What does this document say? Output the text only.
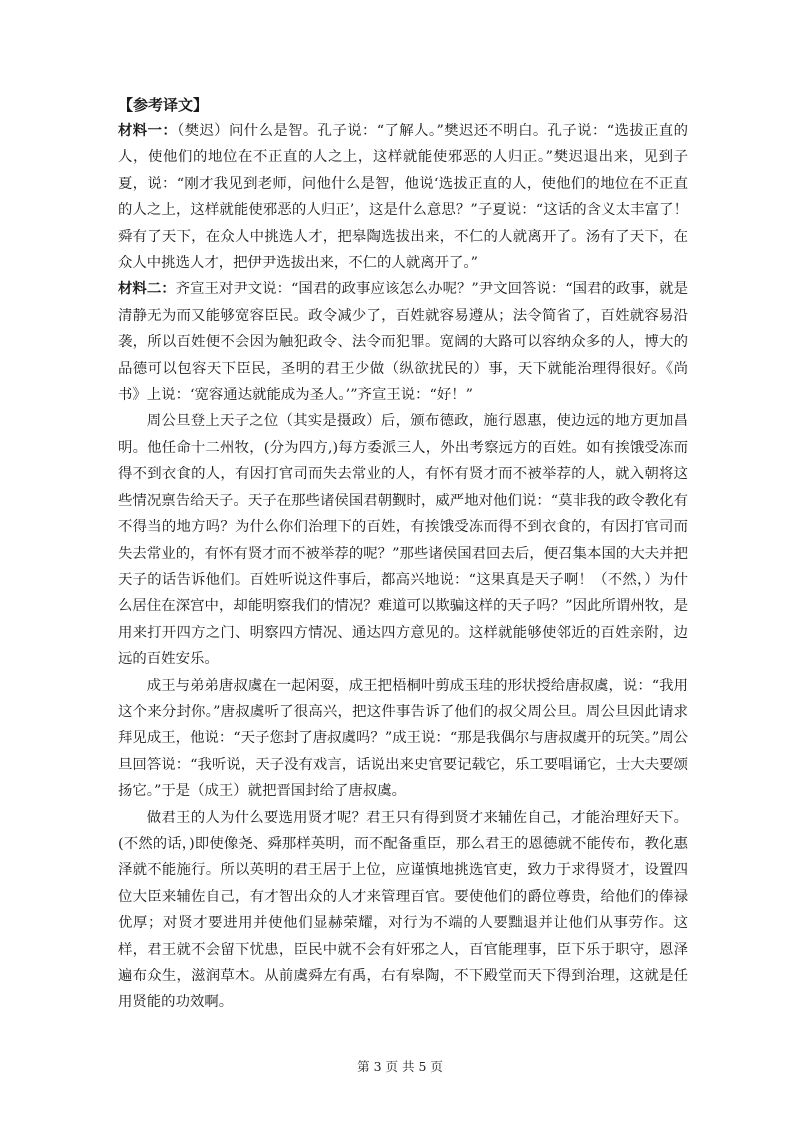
【参考译文】

材料一：（樊迟）问什么是智。孔子说：“了解人。”樊迟还不明白。孔子说：“选拔正直的人，使他们的地位在不正直的人之上，这样就能使邪恶的人归正。”樊迟退出来，见到子夏，说：“刚才我见到老师，问他什么是智，他说‘选拔正直的人，使他们的地位在不正直的人之上，这样就能使邪恶的人归正’，这是什么意思？”子夏说：“这话的含义太丰富了！舜有了天下，在众人中挑选人才，把皋陶选拔出来，不仁的人就离开了。汤有了天下，在众人中挑选人才，把伊尹选拔出来，不仁的人就离开了。”

材料二：齐宣王对尹文说：“国君的政事应该怎么办呢？”尹文回答说：“国君的政事，就是清静无为而又能够宽容臣民。政令减少了，百姓就容易遵从；法令简省了，百姓就容易沿袭，所以百姓便不会因为触犯政令、法令而犯罪。宽阔的大路可以容纳众多的人，博大的品德可以包容天下臣民，圣明的君王少做（纵欲扰民的）事，天下就能治理得很好。《尚书》上说：‘宽容通达就能成为圣人。’”齐宣王说：“好！”

周公旦登上天子之位（其实是摄政）后，颁布德政，施行恩惠，使边远的地方更加昌明。他任命十二州牧，(分为四方,)每方委派三人，外出考察远方的百姓。如有挨饿受冻而得不到衣食的人，有因打官司而失去常业的人，有怀有贤才而不被举荐的人，就入朝将这些情况禀告给天子。天子在那些诸侯国君朝觐时，威严地对他们说：“莫非我的政令教化有不得当的地方吗？为什么你们治理下的百姓，有挨饿受冻而得不到衣食的，有因打官司而失去常业的，有怀有贤才而不被举荐的呢？”那些诸侯国君回去后，便召集本国的大夫并把天子的话告诉他们。百姓听说这件事后，都高兴地说：“这果真是天子啊！（不然，）为什么居住在深宫中，却能明察我们的情况？难道可以欺骗这样的天子吗？”因此所谓州牧，是用来打开四方之门、明察四方情况、通达四方意见的。这样就能够使邻近的百姓亲附，边远的百姓安乐。

成王与弟弟唐叔虞在一起闲耍，成王把梧桐叶剪成玉珪的形状授给唐叔虞，说：“我用这个来分封你。”唐叔虞听了很高兴，把这件事告诉了他们的叔父周公旦。周公旦因此请求拜见成王，他说：“天子您封了唐叔虞吗？”成王说：“那是我偶尔与唐叔虞开的玩笑。”周公旦回答说：“我听说，天子没有戏言，话说出来史官要记载它，乐工要唱诵它，士大夫要颂扬它。”于是（成王）就把晋国封给了唐叔虞。

做君王的人为什么要选用贤才呢？君王只有得到贤才来辅佐自己，才能治理好天下。(不然的话，)即使像尧、舜那样英明，而不配备重臣，那么君王的恩德就不能传布，教化惠泽就不能施行。所以英明的君王居于上位，应谨慎地挑选官吏，致力于求得贤才，设置四位大臣来辅佐自己，有才智出众的人才来管理百官。要使他们的爵位尊贵，给他们的俸禄优厚；对贤才要进用并使他们显赫荣耀，对行为不端的人要黜退并让他们从事劳作。这样，君王就不会留下忧患，臣民中就不会有奸邪之人，百官能理事，臣下乐于职守，恩泽遍布众生，滋润草木。从前虞舜左有禹，右有皋陶，不下殿堂而天下得到治理，这就是任用贤能的功效啊。

第 3 页 共 5 页
